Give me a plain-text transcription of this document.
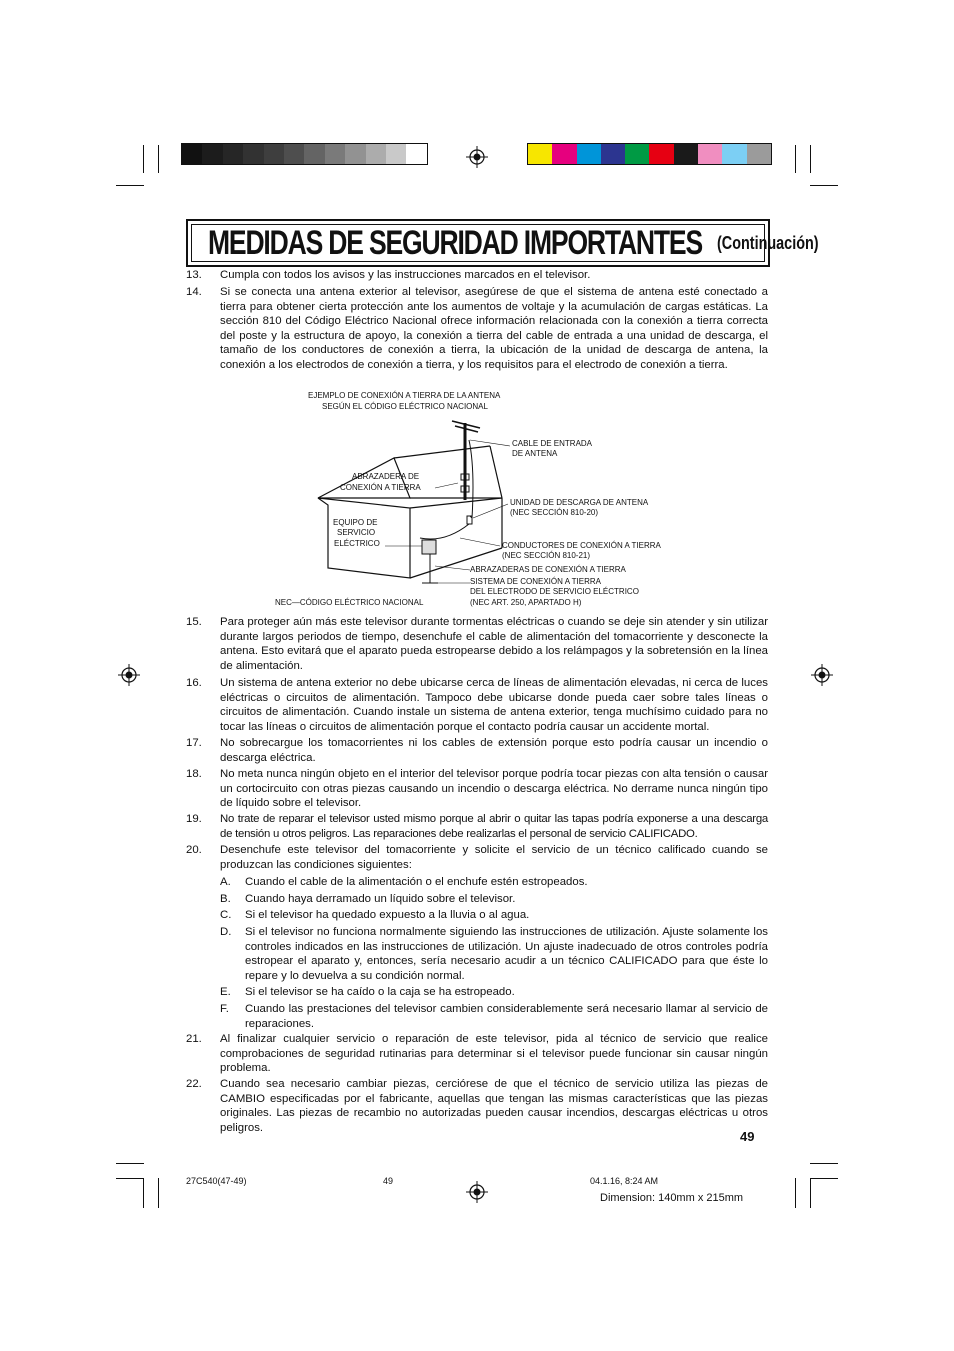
MEDIDAS DE SEGURIDAD IMPORTANTES (Continuación)
13. Cumpla con todos los avisos y las instrucciones marcados en el televisor.
14. Si se conecta una antena exterior al televisor, asegúrese de que el sistema de antena esté conectado a tierra para obtener cierta protección ante los aumentos de voltaje y la acumulación de cargas estáticas. La sección 810 del Código Eléctrico Nacional ofrece información relacionada con la conexión a tierra correcta del poste y la estructura de apoyo, la conexión a tierra del cable de entrada a una unidad de descarga, el tamaño de los conductores de conexión a tierra, la ubicación de la unidad de descarga de antena, la conexión a los electrodos de conexión a tierra, y los requisitos para el electrodo de conexión a tierra.
EJEMPLO DE CONEXIÓN A TIERRA DE LA ANTENA
SEGÚN EL CÓDIGO ELÉCTRICO NACIONAL
CABLE DE ENTRADA
DE ANTENA
ABRAZADERA DE
CONEXIÓN A TIERRA
UNIDAD DE DESCARGA DE ANTENA
(NEC SECCIÓN 810-20)
EQUIPO DE
SERVICIO
ELÉCTRICO	CONDUCTORES DE CONEXIÓN A TIERRA
(NEC SECCIÓN 810-21)
ABRAZADERAS DE CONEXIÓN A TIERRA
SISTEMA DE CONEXIÓN A TIERRA
DEL ELECTRODO DE SERVICIO ELÉCTRICO
(NEC ART. 250, APARTADO H)
NEC—CÓDIGO ELÉCTRICO NACIONAL
15. Para proteger aún más este televisor durante tormentas eléctricas o cuando se deje sin atender y sin utilizar durante largos periodos de tiempo, desenchufe el cable de alimentación del tomacorriente y desconecte la antena. Esto evitará que el aparato pueda estropearse debido a los relámpagos y la sobretensión en la línea de alimentación.
16. Un sistema de antena exterior no debe ubicarse cerca de líneas de alimentación elevadas, ni cerca de luces eléctricas o circuitos de alimentación. Tampoco debe ubicarse donde pueda caer sobre tales líneas o circuitos de alimentación. Cuando instale un sistema de antena exterior, tenga muchísimo cuidado para no tocar las líneas o circuitos de alimentación porque el contacto podría causar un accidente mortal.
17. No sobrecargue los tomacorrientes ni los cables de extensión porque esto podría causar un incendio o descarga eléctrica.
18. No meta nunca ningún objeto en el interior del televisor porque podría tocar piezas con alta tensión o causar un cortocircuito con otras piezas causando un incendio o descarga eléctrica. No derrame nunca ningún tipo de líquido sobre el televisor.
19. No trate de reparar el televisor usted mismo porque al abrir o quitar las tapas podría exponerse a una descarga de tensión u otros peligros. Las reparaciones debe realizarlas el personal de servicio CALIFICADO.
20. Desenchufe este televisor del tomacorriente y solicite el servicio de un técnico calificado cuando se produzcan las condiciones siguientes:
A. Cuando el cable de la alimentación o el enchufe estén estropeados.
B. Cuando haya derramado un líquido sobre el televisor.
C. Si el televisor ha quedado expuesto a la lluvia o al agua.
D. Si el televisor no funciona normalmente siguiendo las instrucciones de utilización. Ajuste solamente los controles indicados en las instrucciones de utilización. Un ajuste inadecuado de otros controles podría estropear el aparato y, entonces, sería necesario acudir a un técnico CALIFICADO para que éste lo repare y lo devuelva a su condición normal.
E. Si el televisor se ha caído o la caja se ha estropeado.
F. Cuando las prestaciones del televisor cambien considerablemente será necesario llamar al servicio de reparaciones.
21. Al finalizar cualquier servicio o reparación de este televisor, pida al técnico de servicio que realice comprobaciones de seguridad rutinarias para determinar si el televisor puede funcionar sin causar ningún problema.
22. Cuando sea necesario cambiar piezas, cerciórese de que el técnico de servicio utiliza las piezas de CAMBIO especificadas por el fabricante, aquellas que tengan las mismas características que las piezas originales. Las piezas de recambio no autorizadas pueden causar incendios, descargas eléctricas u otros peligros.
49
27C540(47-49)	49	04.1.16, 8:24 AM
Dimension: 140mm x 215mm
